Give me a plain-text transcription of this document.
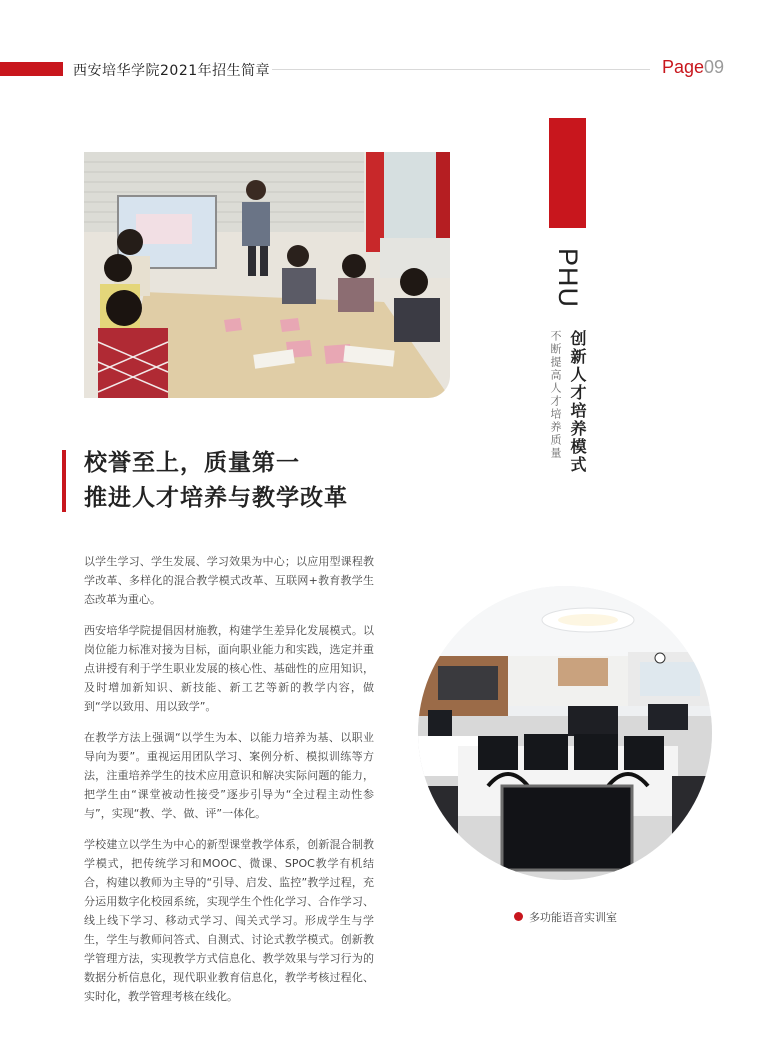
西安培华学院2021年招生简章	Page09
PHU
创新人才培养模式
不断提高人才培养质量
校誉至上，质量第一
推进人才培养与教学改革

以学生学习、学生发展、学习效果为中心；以应用型课程教学改革、多样化的混合教学模式改革、互联网+教育教学生态改革为重心。

西安培华学院提倡因材施教，构建学生差异化发展模式。以岗位能力标准对接为目标，面向职业能力和实践，选定并重点讲授有利于学生职业发展的核心性、基础性的应用知识，及时增加新知识、新技能、新工艺等新的教学内容，做到“学以致用、用以致学”。

在教学方法上强调“以学生为本、以能力培养为基、以职业导向为要”。重视运用团队学习、案例分析、模拟训练等方法，注重培养学生的技术应用意识和解决实际问题的能力，把学生由“课堂被动性接受”逐步引导为“全过程主动性参与”，实现“教、学、做、评”一体化。

学校建立以学生为中心的新型课堂教学体系，创新混合制教学模式，把传统学习和MOOC、微课、SPOC教学有机结合，构建以教师为主导的“引导、启发、监控”教学过程，充分运用数字化校园系统，实现学生个性化学习、合作学习、线上线下学习、移动式学习、闯关式学习。形成学生与学生，学生与教师问答式、自测式、讨论式教学模式。创新教学管理方法，实现教学方式信息化、教学效果与学习行为的数据分析信息化，现代职业教育信息化，教学考核过程化、实时化，教学管理考核在线化。

多功能语音实训室
